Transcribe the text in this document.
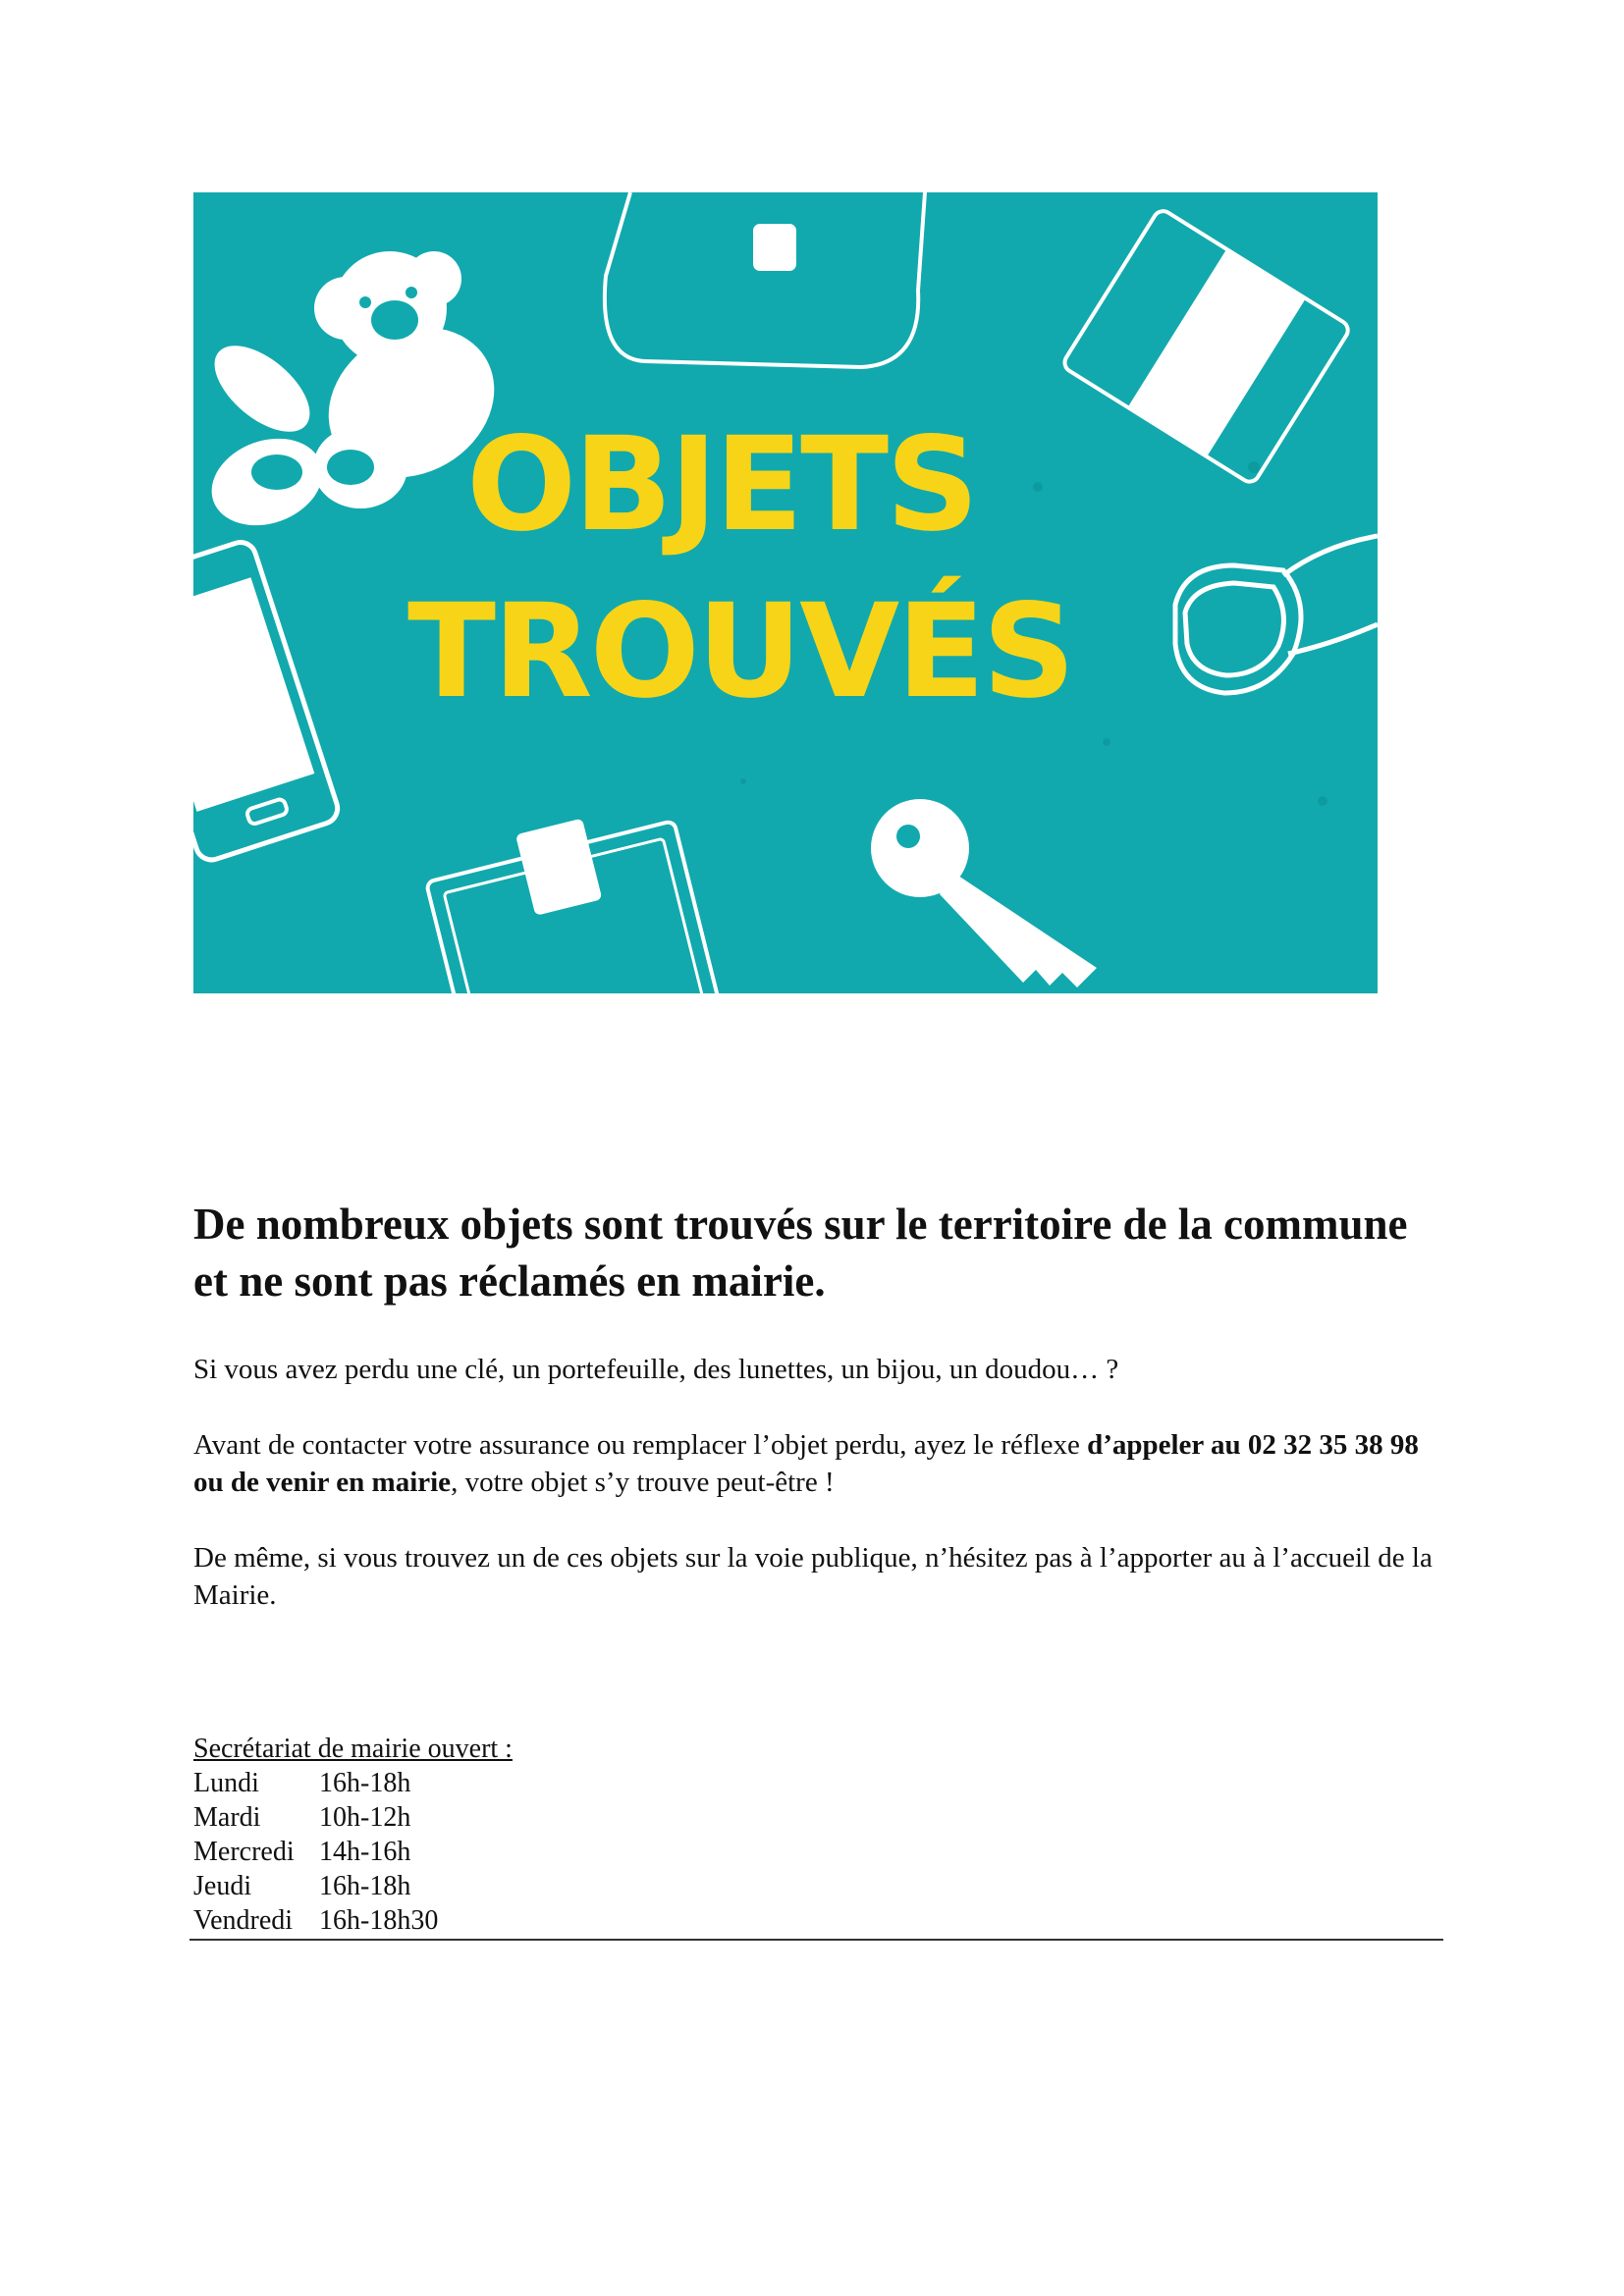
OBJETS
TROUVÉS
De nombreux objets sont trouvés sur le territoire de la commune et ne sont pas réclamés en mairie.

Si vous avez perdu une clé, un portefeuille, des lunettes, un bijou, un doudou… ?

Avant de contacter votre assurance ou remplacer l’objet perdu, ayez le réflexe d’appeler au 02 32 35 38 98 ou de venir en mairie, votre objet s’y trouve peut-être !

De même, si vous trouvez un de ces objets sur la voie publique, n’hésitez pas à l’apporter au à l’accueil de la Mairie.

Secrétariat de mairie ouvert :
Lundi	16h-18h
Mardi	10h-12h
Mercredi 14h-16h
Jeudi	16h-18h
Vendredi 16h-18h30
